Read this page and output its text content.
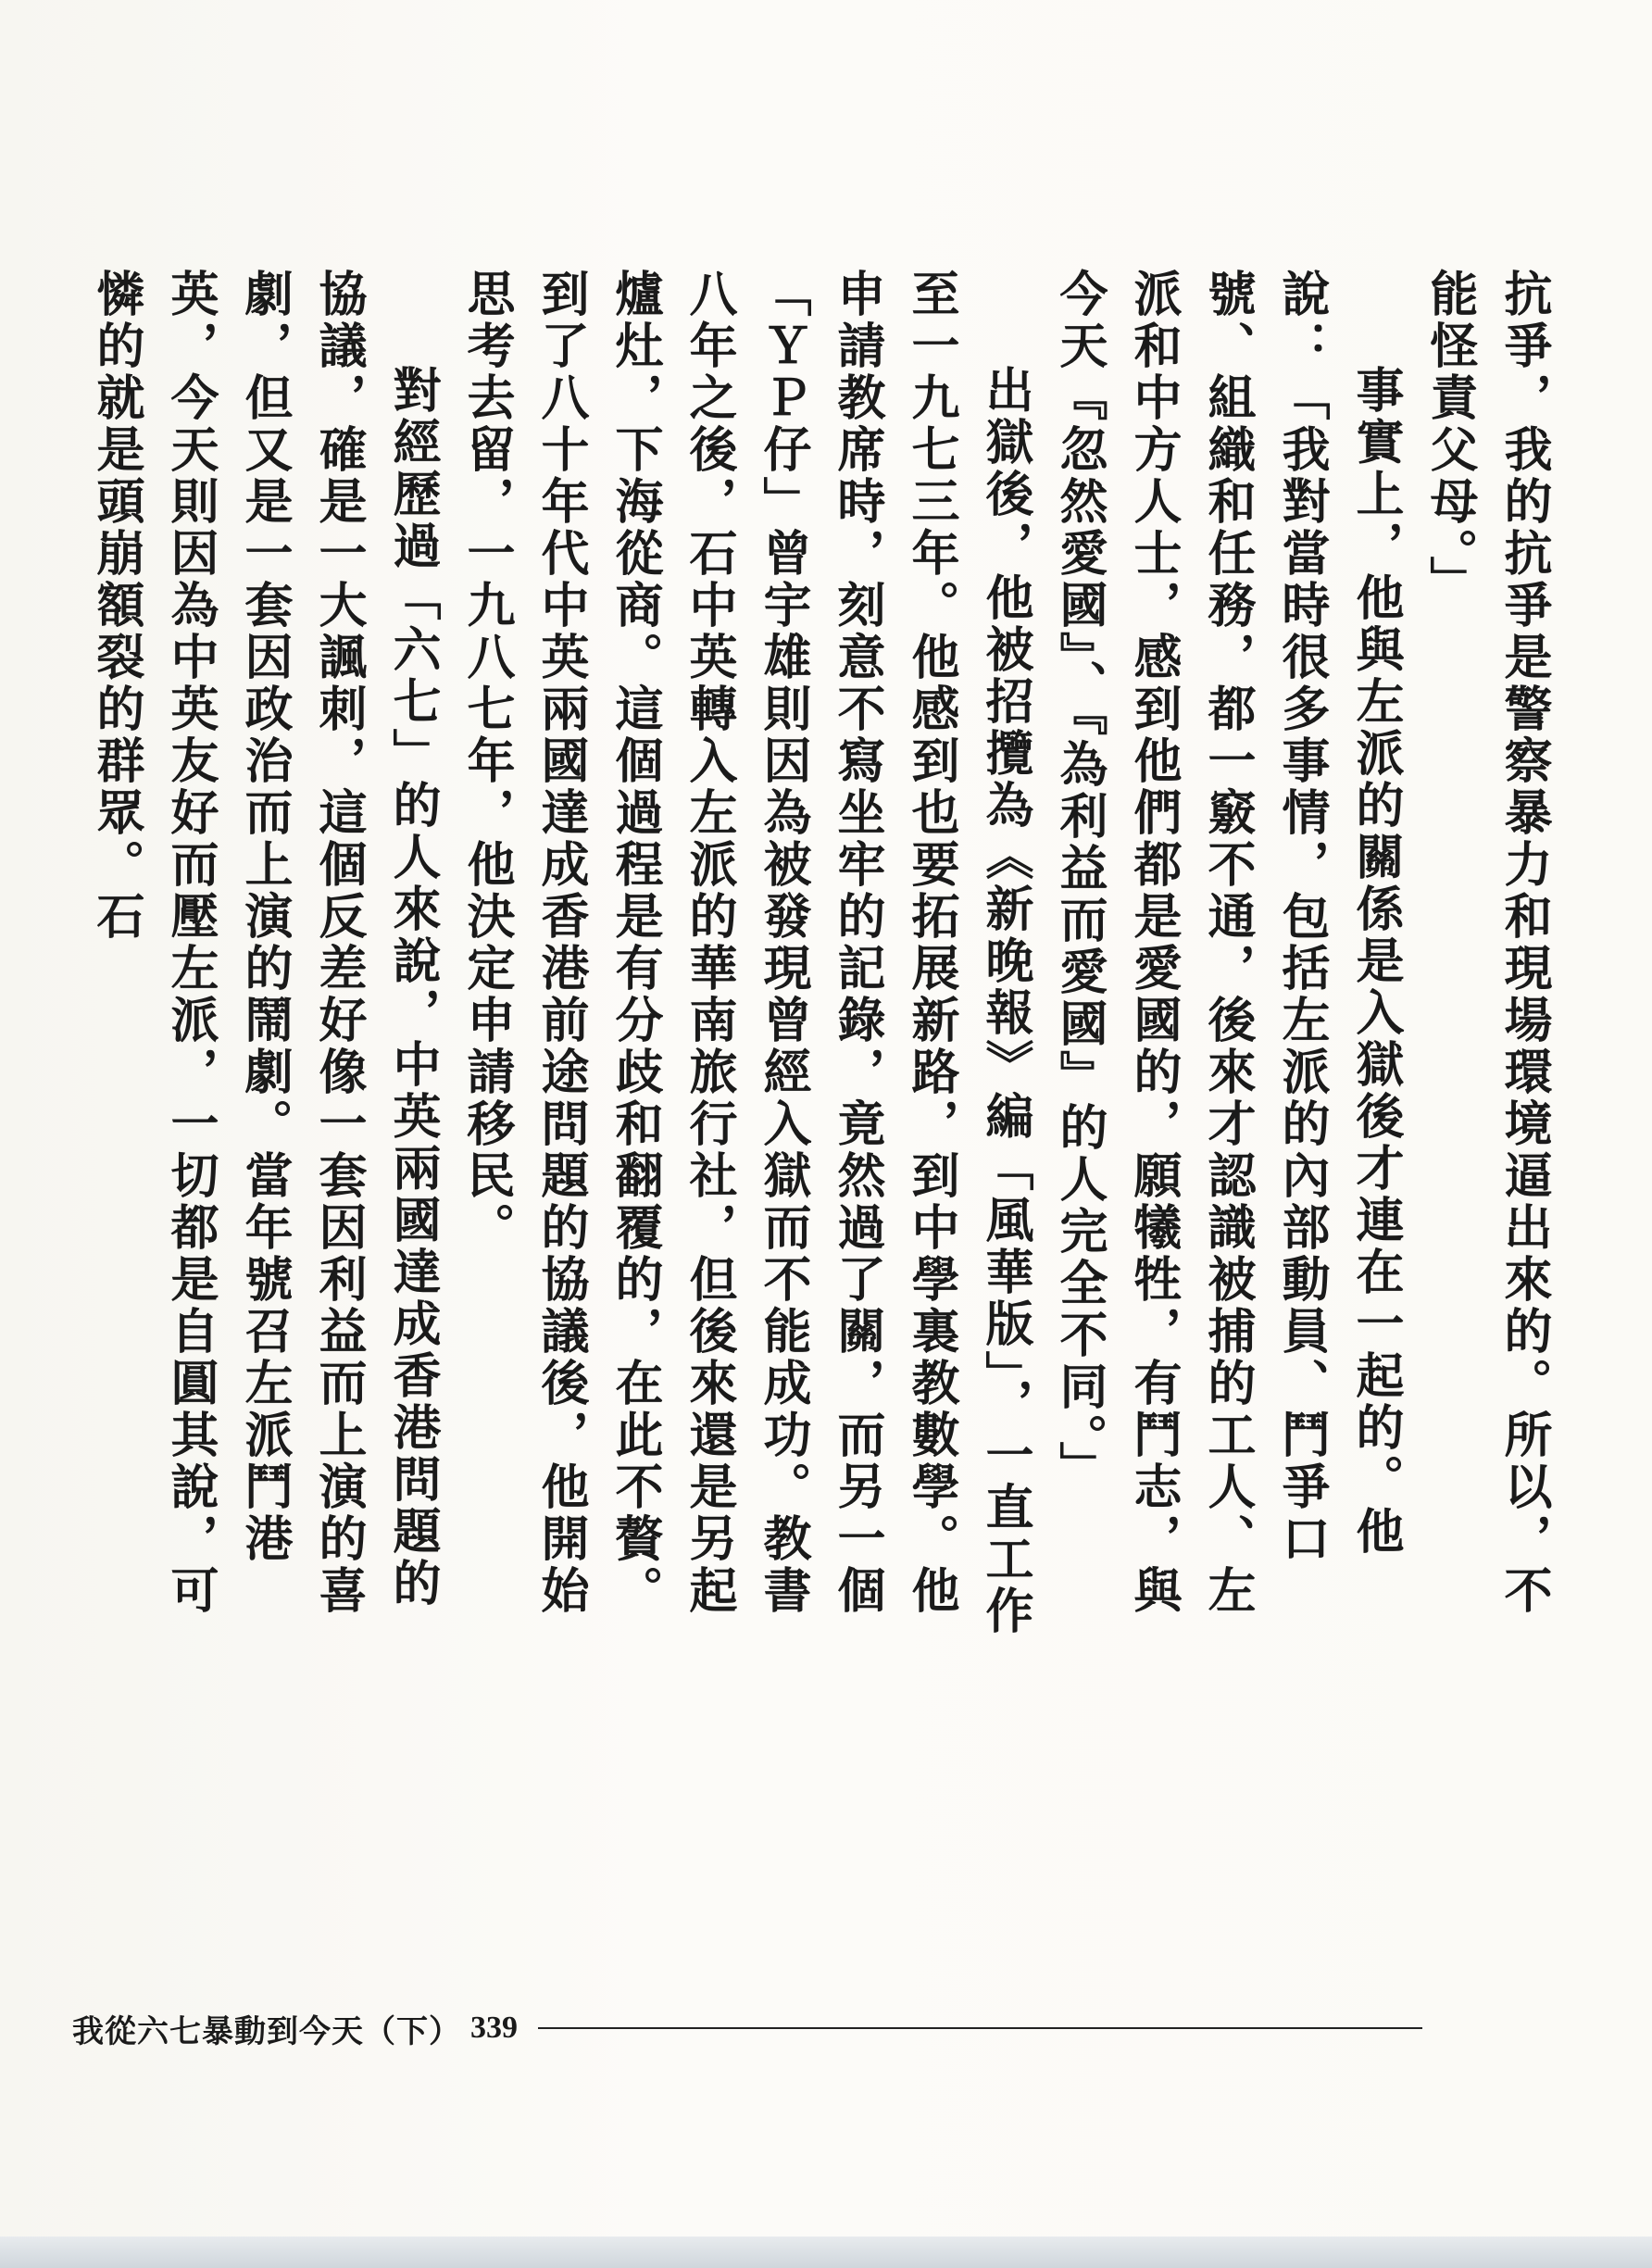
抗爭，我的抗爭是警察暴力和現場環境逼出來的。所以，不能怪責父母。」

事實上，他與左派的關係是入獄後才連在一起的。他說：「我對當時很多事情，包括左派的內部動員、鬥爭口號、組織和任務，都一竅不通，後來才認識被捕的工人、左派和中方人士，感到他們都是愛國的，願犧牲，有鬥志，與今天『忽然愛國』、『為利益而愛國』的人完全不同。」

出獄後，他被招攬為《新晚報》編「風華版」，一直工作至一九七三年。他感到也要拓展新路，到中學裏教數學。他申請教席時，刻意不寫坐牢的記錄，竟然過了關，而另一個「ＹＰ仔」曾宇雄則因為被發現曾經入獄而不能成功。教書八年之後，石中英轉入左派的華南旅行社，但後來還是另起爐灶，下海從商。這個過程是有分歧和翻覆的，在此不贅。到了八十年代中英兩國達成香港前途問題的協議後，他開始思考去留，一九八七年，他決定申請移民。

對經歷過「六七」的人來說，中英兩國達成香港問題的協議，確是一大諷刺，這個反差好像一套因利益而上演的喜劇，但又是一套因政治而上演的鬧劇。當年號召左派鬥港英，今天則因為中英友好而壓左派，一切都是自圓其說，可憐的就是頭崩額裂的群眾。石

我從六七暴動到今天（下） 339
